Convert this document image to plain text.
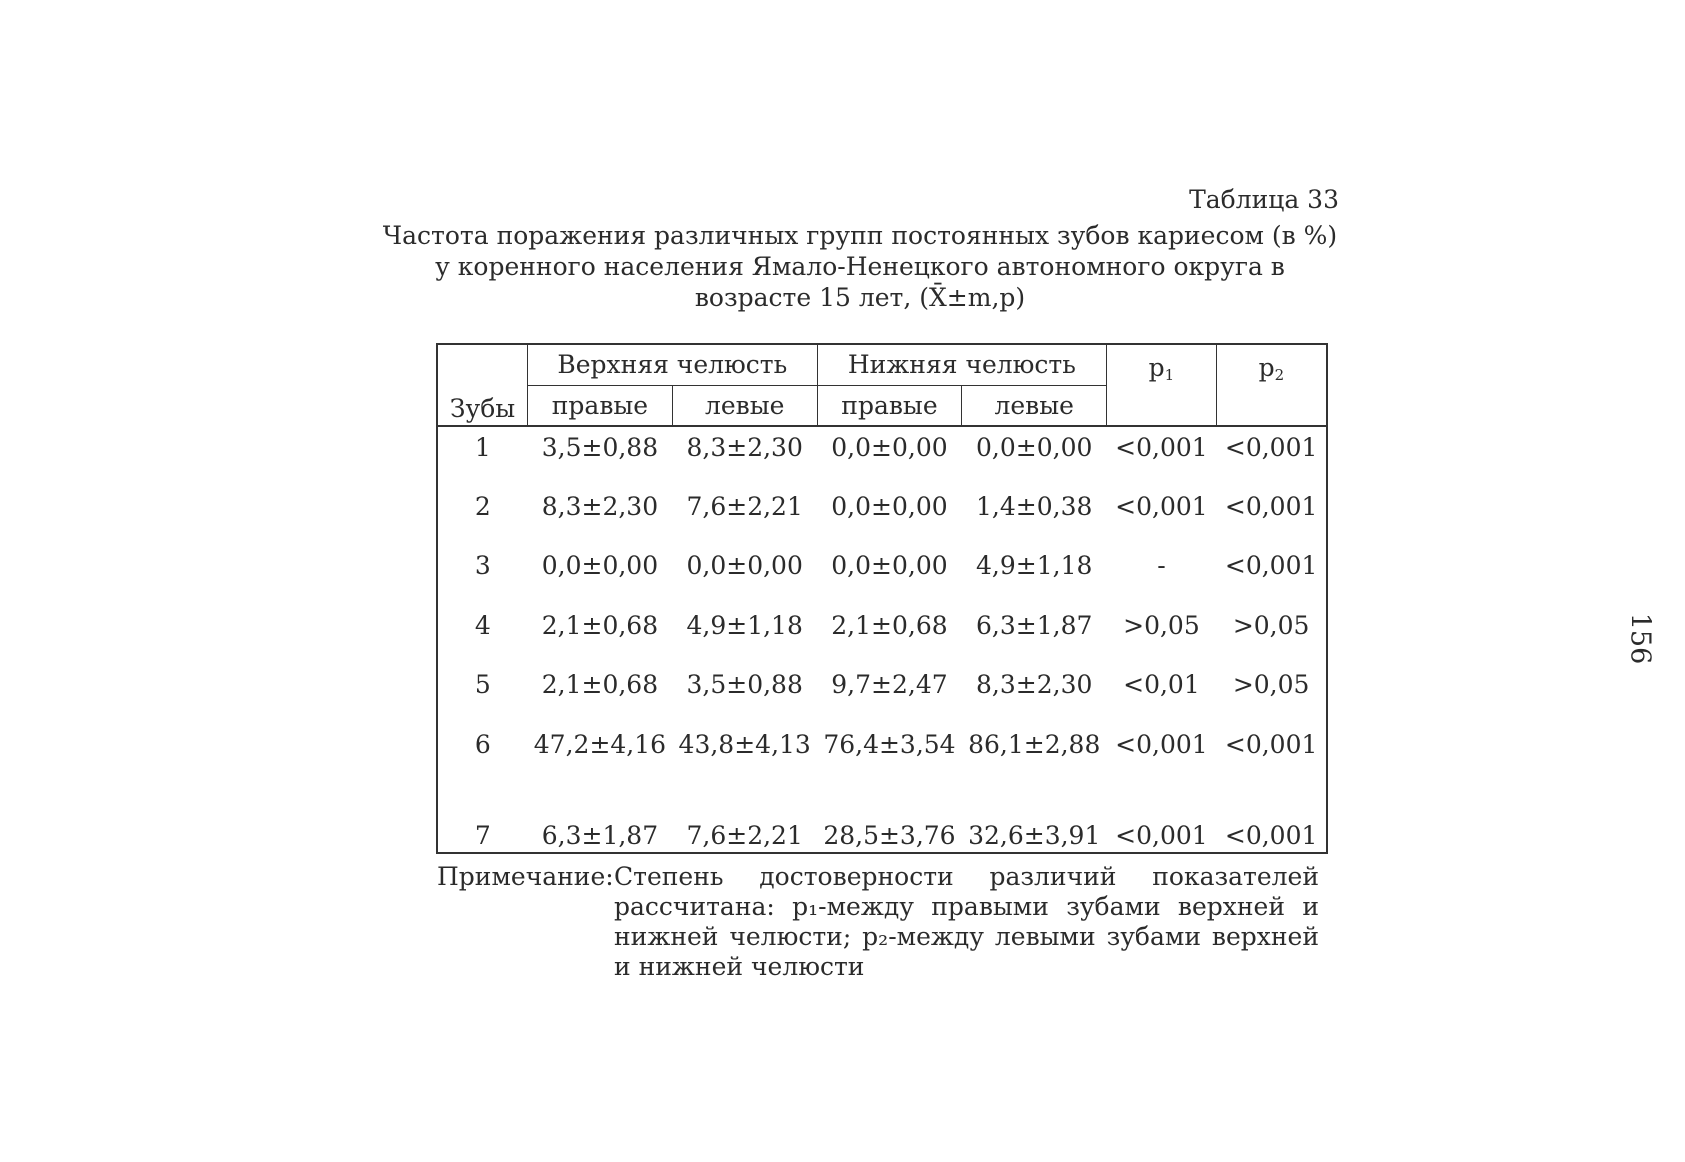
Таблица 33
Частота поражения различных групп постоянных зубов кариесом (в %)
у коренного населения Ямало-Ненецкого автономного округа в
возрасте 15 лет, (X̄±m,p)
Зубы	Верхняя челюсть		Нижняя челюсть		$p_1$	$p_2$
	правые	левые	правые	левые		
1	3,5±0,88	8,3±2,30	0,0±0,00	0,0±0,00	<0,001	<0,001
2	8,3±2,30	7,6±2,21	0,0±0,00	1,4±0,38	<0,001	<0,001
3	0,0±0,00	0,0±0,00	0,0±0,00	4,9±1,18	-	<0,001
4	2,1±0,68	4,9±1,18	2,1±0,68	6,3±1,87	>0,05	>0,05
5	2,1±0,68	3,5±0,88	9,7±2,47	8,3±2,30	<0,01	>0,05
6	47,2±4,16	43,8±4,13	76,4±3,54	86,1±2,88	<0,001	<0,001
7	6,3±1,87	7,6±2,21	28,5±3,76	32,6±3,91	<0,001	<0,001
Примечание: Степень достоверности различий показателей рассчитана: p₁-между правыми зубами верхней и нижней челюсти; p₂-между левыми зубами верхней и нижней челюсти
156
